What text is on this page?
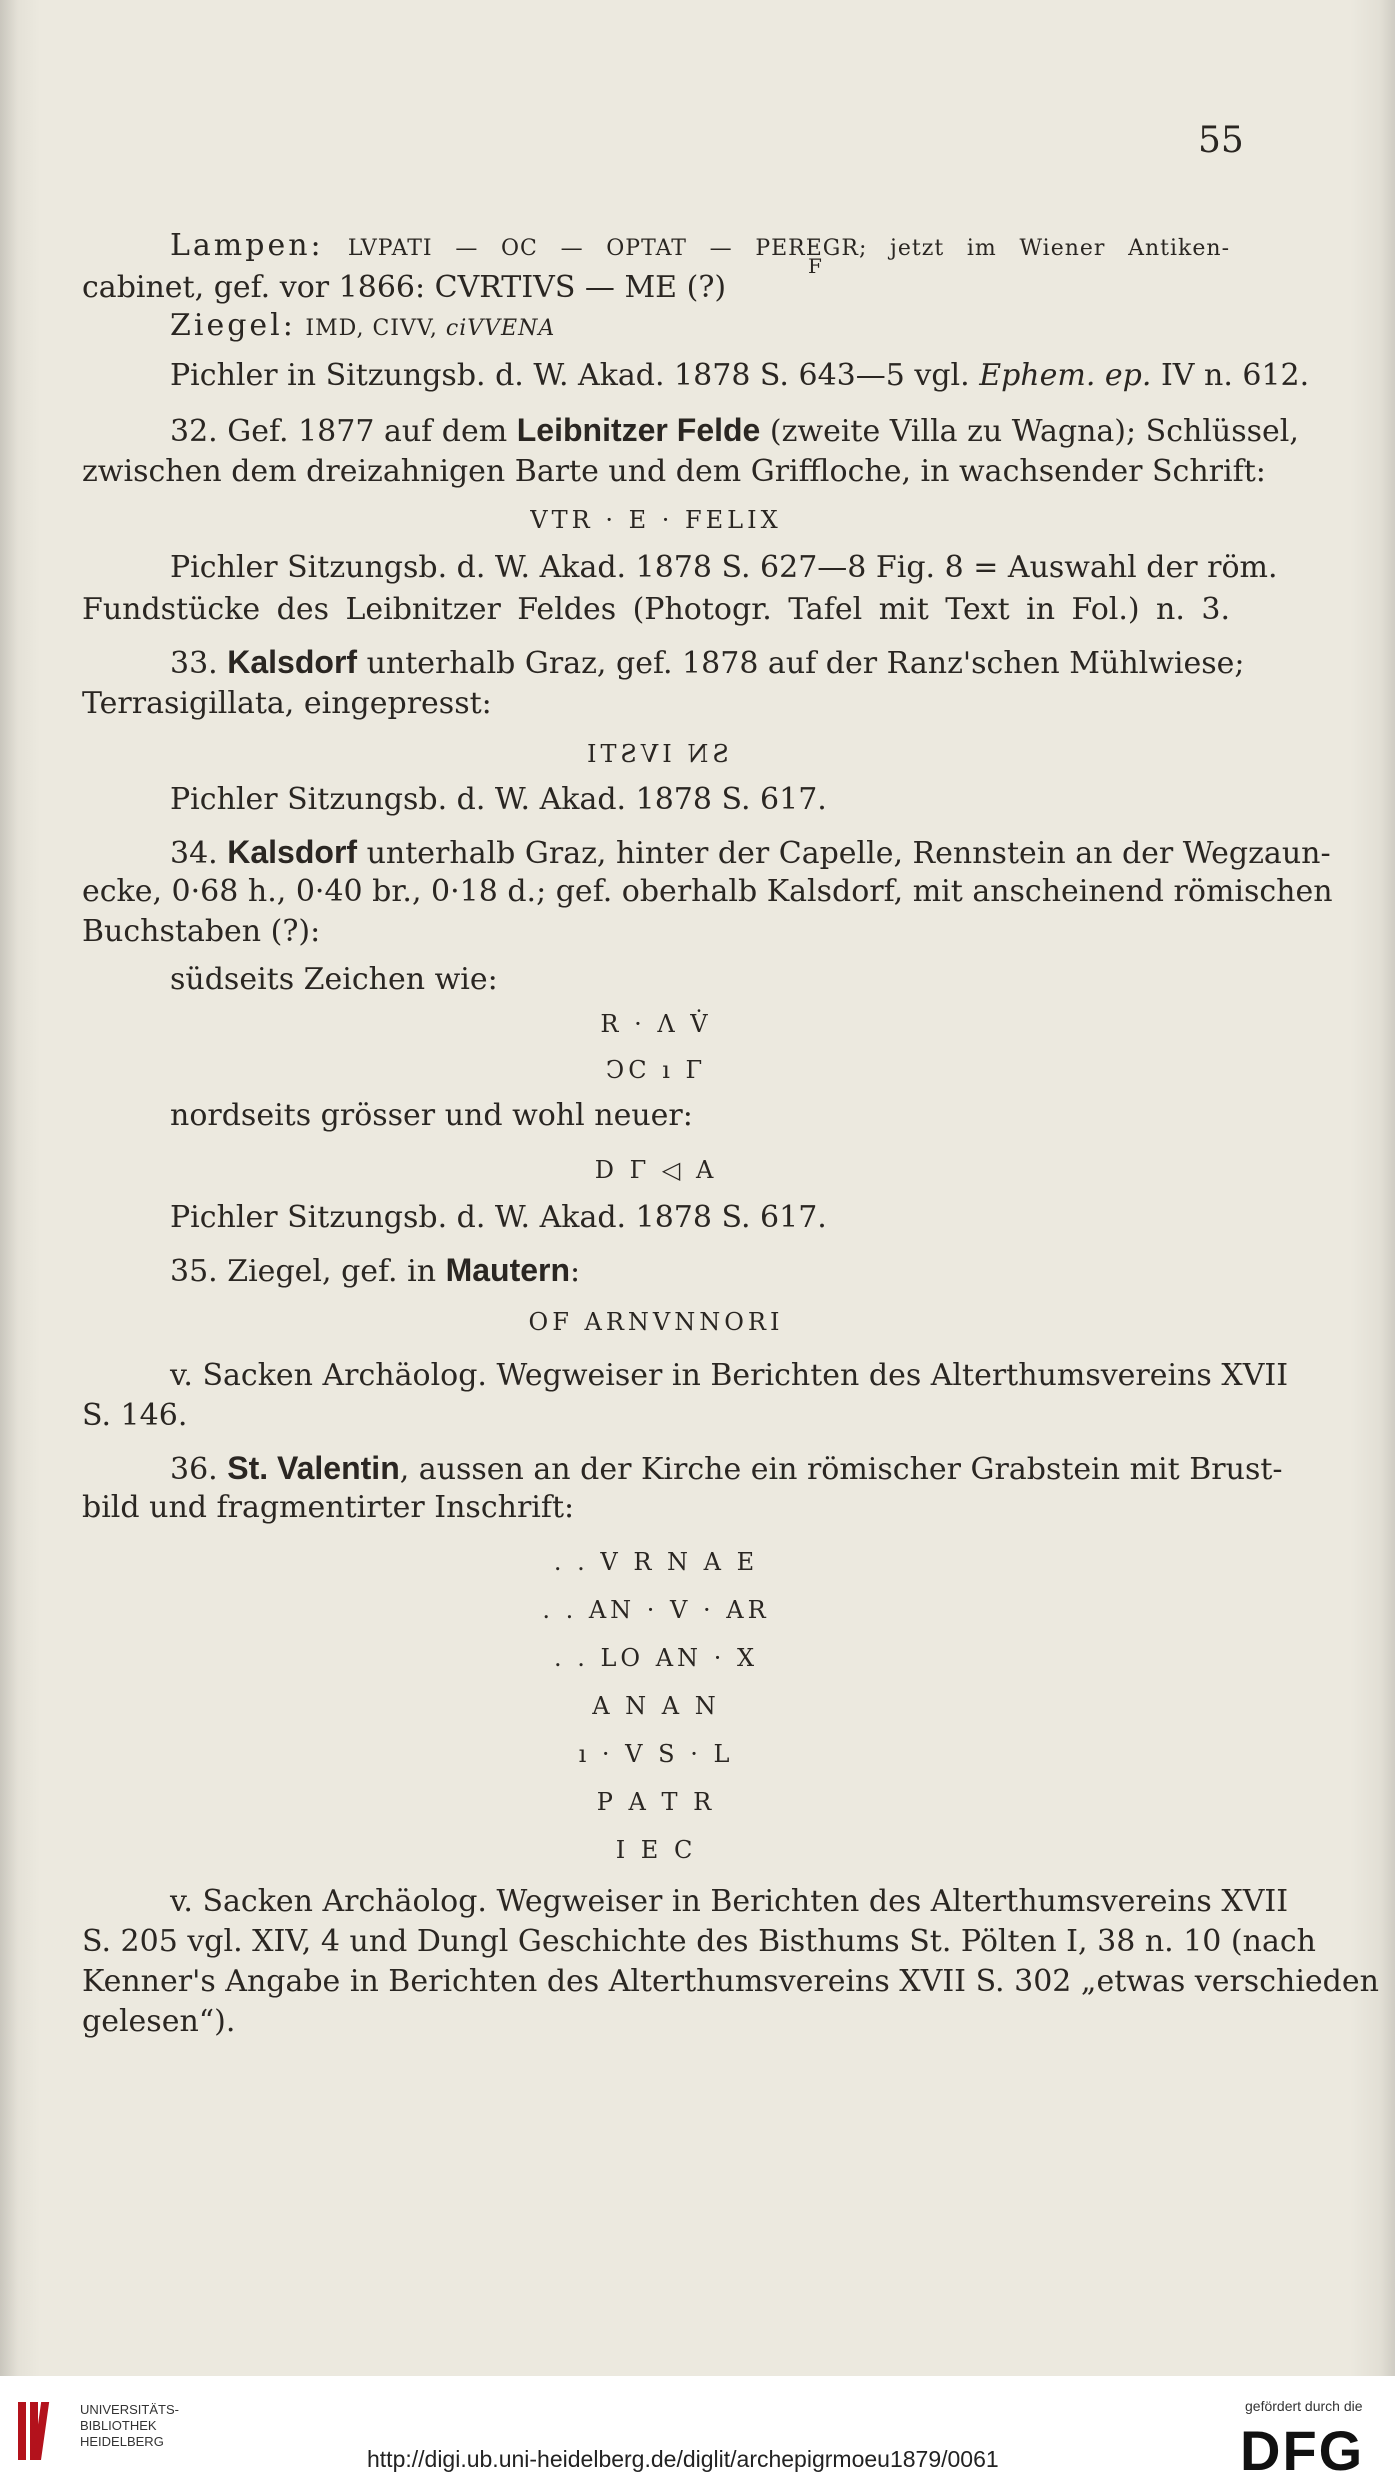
55
Lampen: LVPATI — OC — OPTAT — PEREGR; jetzt im Wiener Antiken-
F
cabinet, gef. vor 1866: CVRTIVS — ME (?)
Ziegel: IMD, CIVV, ciVVENA
Pichler in Sitzungsb. d. W. Akad. 1878 S. 643—5 vgl. Ephem. ep. IV n. 612.
32. Gef. 1877 auf dem Leibnitzer Felde (zweite Villa zu Wagna); Schlüssel,
zwischen dem dreizahnigen Barte und dem Griffloche, in wachsender Schrift:
VTR · E · FELIX
Pichler Sitzungsb. d. W. Akad. 1878 S. 627—8 Fig. 8 = Auswahl der röm.
Fundstücke des Leibnitzer Feldes (Photogr. Tafel mit Text in Fol.) n. 3.
33. Kalsdorf unterhalb Graz, gef. 1878 auf der Ranz'schen Mühlwiese;
Terrasigillata, eingepresst:
SN IVSTI
Pichler Sitzungsb. d. W. Akad. 1878 S. 617.
34. Kalsdorf unterhalb Graz, hinter der Capelle, Rennstein an der Wegzaun-
ecke, 0·68 h., 0·40 br., 0·18 d.; gef. oberhalb Kalsdorf, mit anscheinend römischen
Buchstaben (?):
südseits Zeichen wie:
R · Λ V̇
ϽC ı Γ
nordseits grösser und wohl neuer:
D Γ ◁ A
Pichler Sitzungsb. d. W. Akad. 1878 S. 617.
35. Ziegel, gef. in Mautern:
OF ARNVNNORI
v. Sacken Archäolog. Wegweiser in Berichten des Alterthumsvereins XVII
S. 146.
36. St. Valentin, aussen an der Kirche ein römischer Grabstein mit Brust-
bild und fragmentirter Inschrift:
. . V R N A E
. . AN · V · AR
. . LO AN · X
A N A N
ı · V S · L
P A T R
I E C
v. Sacken Archäolog. Wegweiser in Berichten des Alterthumsvereins XVII
S. 205 vgl. XIV, 4 und Dungl Geschichte des Bisthums St. Pölten I, 38 n. 10 (nach
Kenner's Angabe in Berichten des Alterthumsvereins XVII S. 302 „etwas verschieden
gelesen“).
UNIVERSITÄTS-
BIBLIOTHEK
HEIDELBERG
http://digi.ub.uni-heidelberg.de/diglit/archepigrmoeu1879/0061
gefördert durch die
DFG
